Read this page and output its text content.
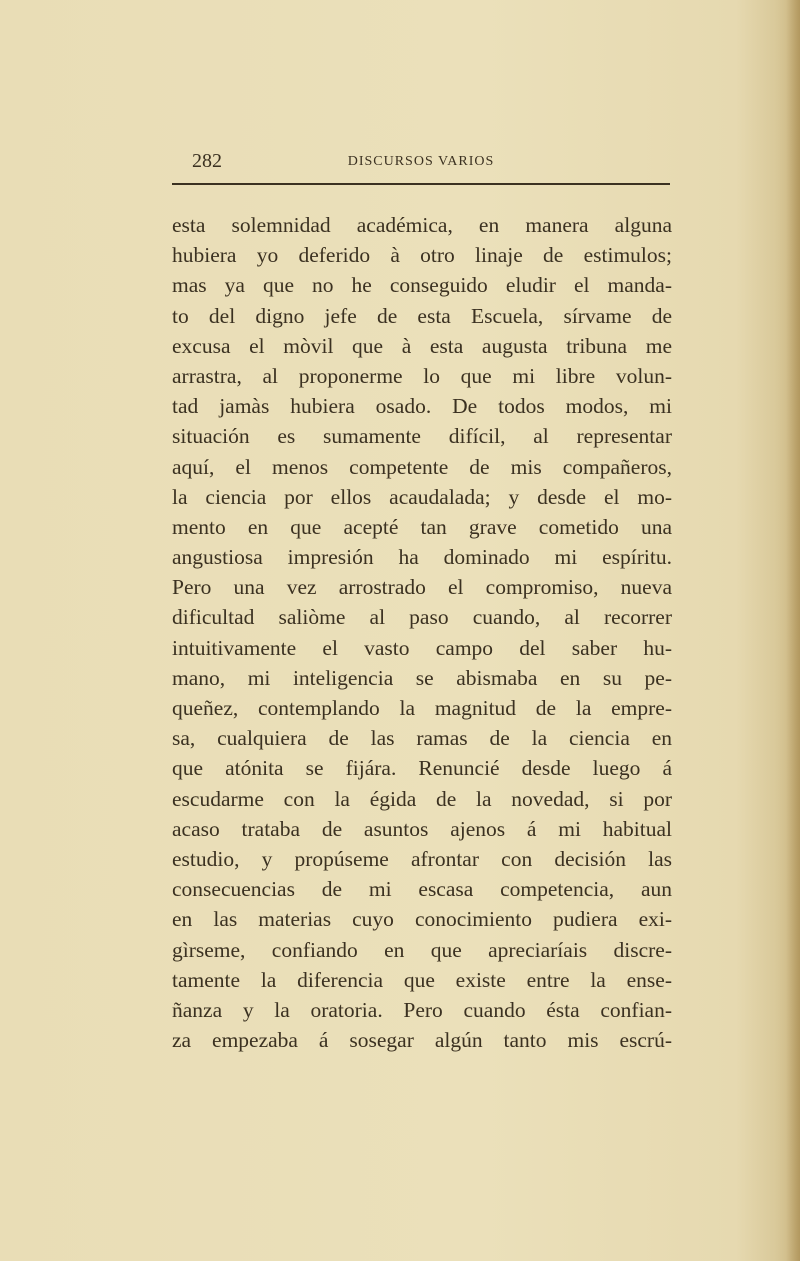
282	DISCURSOS VARIOS
esta solemnidad académica, en manera alguna
hubiera yo deferido à otro linaje de estimulos;
mas ya que no he conseguido eludir el manda-
to del digno jefe de esta Escuela, sírvame de
excusa el mòvil que à esta augusta tribuna me
arrastra, al proponerme lo que mi libre volun-
tad jamàs hubiera osado. De todos modos, mi
situación es sumamente difícil, al representar
aquí, el menos competente de mis compañeros,
la ciencia por ellos acaudalada; y desde el mo-
mento en que acepté tan grave cometido una
angustiosa impresión ha dominado mi espíritu.
Pero una vez arrostrado el compromiso, nueva
dificultad saliòme al paso cuando, al recorrer
intuitivamente el vasto campo del saber hu-
mano, mi inteligencia se abismaba en su pe-
queñez, contemplando la magnitud de la empre-
sa, cualquiera de las ramas de la ciencia en
que atónita se fijára. Renuncié desde luego á
escudarme con la égida de la novedad, si por
acaso trataba de asuntos ajenos á mi habitual
estudio, y propúseme afrontar con decisión las
consecuencias de mi escasa competencia, aun
en las materias cuyo conocimiento pudiera exi-
gìrseme, confiando en que apreciaríais discre-
tamente la diferencia que existe entre la ense-
ñanza y la oratoria. Pero cuando ésta confian-
za empezaba á sosegar algún tanto mis escrú-
